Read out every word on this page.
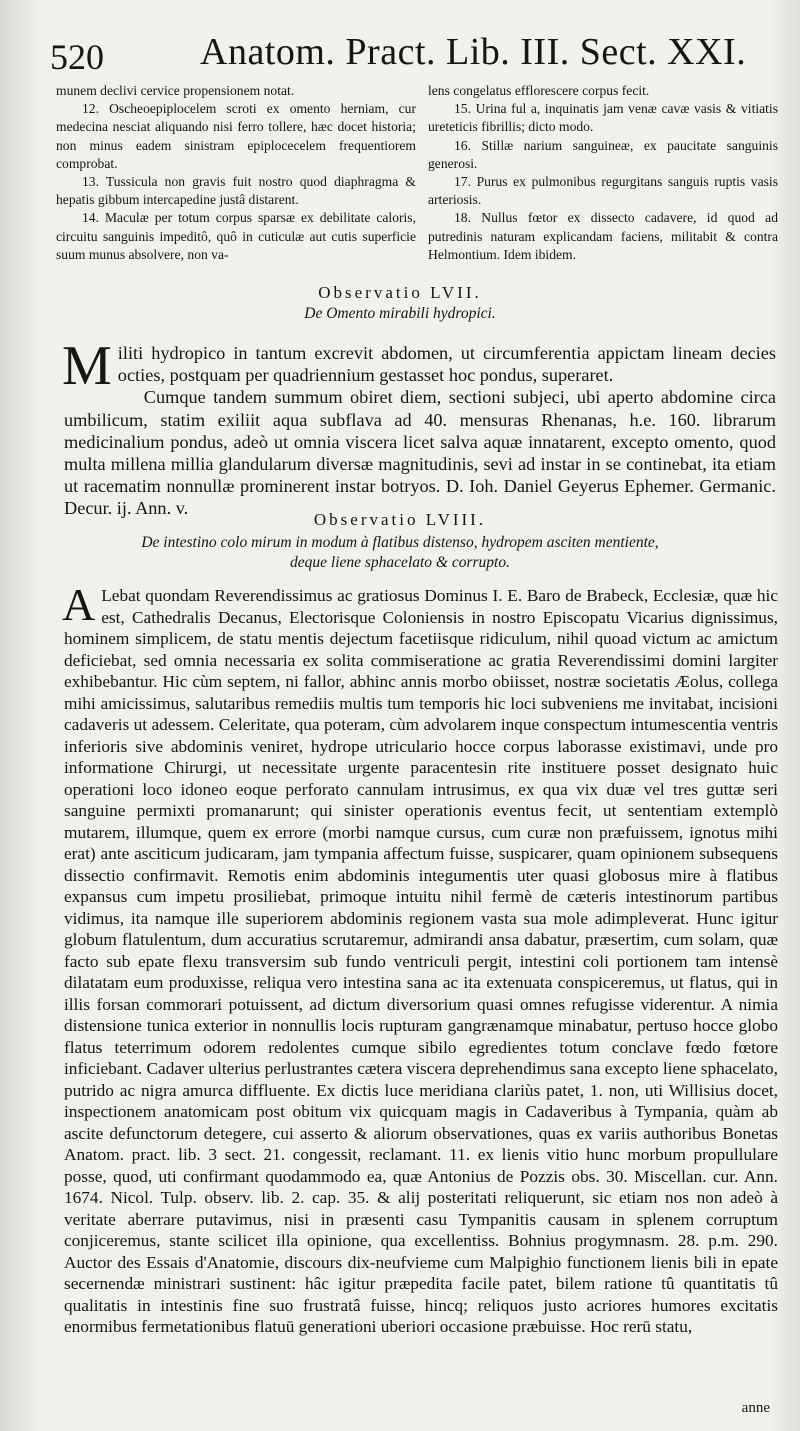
520	Anatom. Pract. Lib. III. Sect. XXI.

munem declivi cervice propensionem notat.

12. Oscheoepiplocelem scroti ex omento herniam, cur medecina nesciat aliquando nisi ferro tollere, hæc docet historia; non minus eadem sinistram epiplocecelem frequentiorem comprobat.

13. Tussicula non gravis fuit nostro quod diaphragma & hepatis gibbum intercapedine justâ distarent.

14. Maculæ per totum corpus sparsæ ex debilitate caloris, circuitu sanguinis impeditô, quô in cuticulæ aut cutis superficie suum munus absolvere, non va-

lens congelatus efflorescere corpus fecit.

15. Urina ful a, inquinatis jam venæ cavæ vasis & vitiatis ureteticis fibrillis; dicto modo.

16. Stillæ narium sanguineæ, ex paucitate sanguinis generosi.

17. Purus ex pulmonibus regurgitans sanguis ruptis vasis arteriosis.

18. Nullus fœtor ex dissecto cadavere, id quod ad putredinis naturam explicandam faciens, militabit & contra Helmontium. Idem ibidem.

Observatio LVII.
De Omento mirabili hydropici.
M iliti hydropico in tantum excrevit abdomen, ut circumferentia appictam lineam decies octies, postquam per quadriennium gestasset hoc pondus, superaret.

Cumque tandem summum obiret diem, sectioni subjeci, ubi aperto abdomine circa umbilicum, statim exiliit aqua subflava ad 40. mensuras Rhenanas, h.e. 160. librarum medicinalium pondus, adeò ut omnia viscera licet salva aquæ innatarent, excepto omento, quod multa millena millia glandularum diversæ magnitudinis, sevi ad instar in se continebat, ita etiam ut racematim nonnullæ prominerent instar botryos. D. Ioh. Daniel Geyerus Ephemer. Germanic. Decur. ij. Ann. v.

Observatio LVIII.
De intestino colo mirum in modum à flatibus distenso, hydropem asciten mentiente,
deque liene sphacelato & corrupto.
A Lebat quondam Reverendissimus ac gratiosus Dominus I. E. Baro de Brabeck, Ecclesiæ, quæ hic est, Cathedralis Decanus, Electorisque Coloniensis in nostro Episcopatu Vicarius dignissimus, hominem simplicem, de statu mentis dejectum facetiisque ridiculum, nihil quoad victum ac amictum deficiebat, sed omnia necessaria ex solita commiseratione ac gratia Reverendissimi domini largiter exhibebantur. Hic cùm septem, ni fallor, abhinc annis morbo obiisset, nostræ societatis Æolus, collega mihi amicissimus, salutaribus remediis multis tum temporis hic loci subveniens me invitabat, incisioni cadaveris ut adessem. Celeritate, qua poteram, cùm advolarem inque conspectum intumescentia ventris inferioris sive abdominis veniret, hydrope utriculario hocce corpus laborasse existimavi, unde pro informatione Chirurgi, ut necessitate urgente paracentesin rite instituere posset designato huic operationi loco idoneo eoque perforato cannulam intrusimus, ex qua vix duæ vel tres guttæ seri sanguine permixti promanarunt; qui sinister operationis eventus fecit, ut sententiam extemplò mutarem, illumque, quem ex errore (morbi namque cursus, cum curæ non præfuissem, ignotus mihi erat) ante asciticum judicaram, jam tympania affectum fuisse, suspicarer, quam opinionem subsequens dissectio confirmavit. Remotis enim abdominis integumentis uter quasi globosus mire à flatibus expansus cum impetu prosiliebat, primoque intuitu nihil fermè de cæteris intestinorum partibus vidimus, ita namque ille superiorem abdominis regionem vasta sua mole adimpleverat. Hunc igitur globum flatulentum, dum accuratius scrutaremur, admirandi ansa dabatur, præsertim, cum solam, quæ facto sub epate flexu transversim sub fundo ventriculi pergit, intestini coli portionem tam intensè dilatatam eum produxisse, reliqua vero intestina sana ac ita extenuata conspiceremus, ut flatus, qui in illis forsan commorari potuissent, ad dictum diversorium quasi omnes refugisse viderentur. A nimia distensione tunica exterior in nonnullis locis rupturam gangrænamque minabatur, pertuso hocce globo flatus teterrimum odorem redolentes cumque sibilo egredientes totum conclave fœdo fœtore inficiebant. Cadaver ulterius perlustrantes cætera viscera deprehendimus sana excepto liene sphacelato, putrido ac nigra amurca diffluente. Ex dictis luce meridiana clariùs patet, 1. non, uti Willisius docet, inspectionem anatomicam post obitum vix quicquam magis in Cadaveribus à Tympania, quàm ab ascite defunctorum detegere, cui asserto & aliorum observationes, quas ex variis authoribus Bonetas Anatom. pract. lib. 3 sect. 21. congessit, reclamant. 11. ex lienis vitio hunc morbum propullulare posse, quod, uti confirmant quodammodo ea, quæ Antonius de Pozzis obs. 30. Miscellan. cur. Ann. 1674. Nicol. Tulp. observ. lib. 2. cap. 35. & alij posteritati reliquerunt, sic etiam nos non adeò à veritate aberrare putavimus, nisi in præsenti casu Tympanitis causam in splenem corruptum conjiceremus, stante scilicet illa opinione, qua excellentiss. Bohnius progymnasm. 28. p.m. 290. Auctor des Essais d'Anatomie, discours dix-neufvieme cum Malpighio functionem lienis bili in epate secernendæ ministrari sustinent: hâc igitur præpedita facile patet, bilem ratione tû quantitatis tû qualitatis in intestinis fine suo frustratâ fuisse, hincq; reliquos justo acriores humores excitatis enormibus fermetationibus flatuū generationi uberiori occasione præbuisse. Hoc rerū statu,

anne
